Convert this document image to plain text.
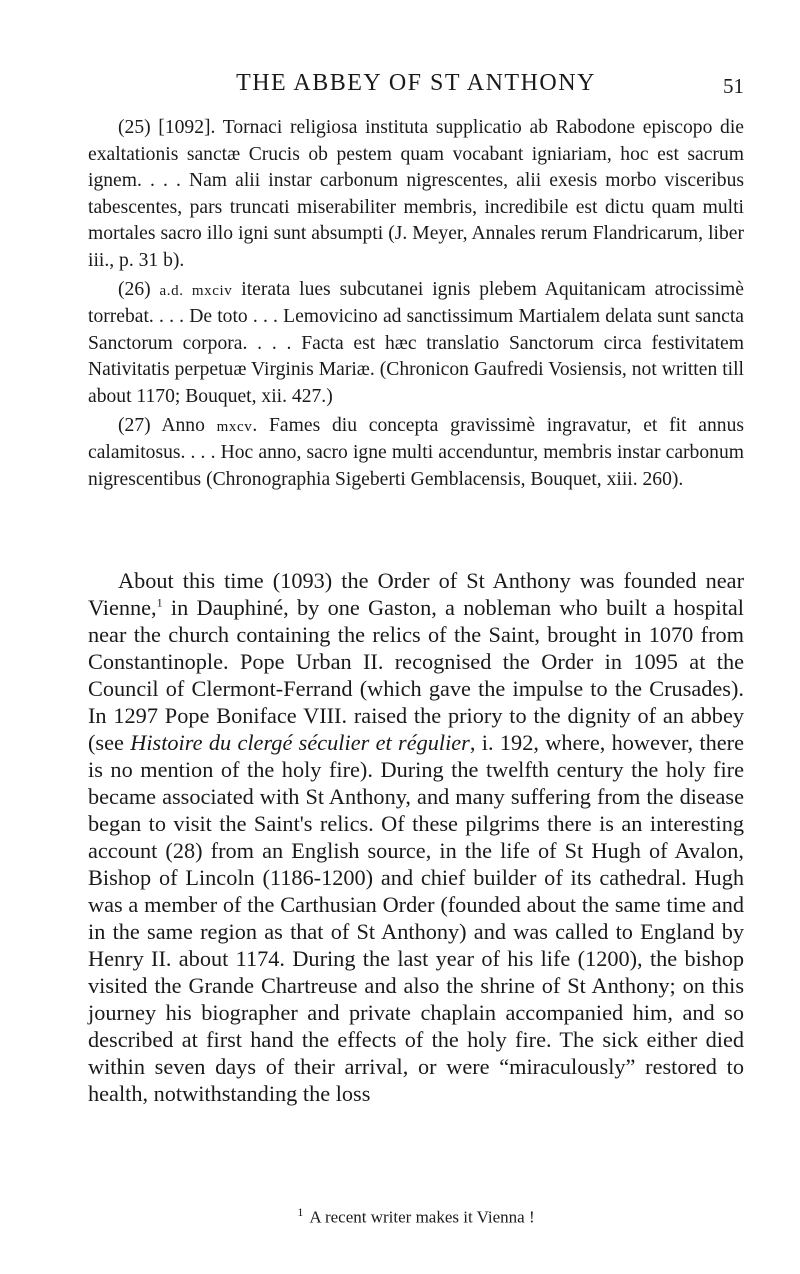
THE ABBEY OF ST ANTHONY	51

(25) [1092]. Tornaci religiosa instituta supplicatio ab Rabodone episcopo die exaltationis sanctæ Crucis ob pestem quam vocabant igniariam, hoc est sacrum ignem. . . . Nam alii instar carbonum nigrescentes, alii exesis morbo visceribus tabescentes, pars truncati miserabiliter membris, incredibile est dictu quam multi mortales sacro illo igni sunt absumpti (J. Meyer, Annales rerum Flandricarum, liber iii., p. 31 b).

(26) a.d. mxciv iterata lues subcutanei ignis plebem Aquitanicam atrocissimè torrebat. . . . De toto . . . Lemovicino ad sanctissimum Martialem delata sunt sancta Sanctorum corpora. . . . Facta est hæc translatio Sanctorum circa festivitatem Nativitatis perpetuæ Virginis Mariæ. (Chronicon Gaufredi Vosiensis, not written till about 1170; Bouquet, xii. 427.)

(27) Anno mxcv. Fames diu concepta gravissimè ingravatur, et fit annus calamitosus. . . . Hoc anno, sacro igne multi accenduntur, membris instar carbonum nigrescentibus (Chronographia Sigeberti Gemblacensis, Bouquet, xiii. 260).

About this time (1093) the Order of St Anthony was founded near Vienne,$^1$ in Dauphiné, by one Gaston, a nobleman who built a hospital near the church containing the relics of the Saint, brought in 1070 from Constantinople. Pope Urban II. recognised the Order in 1095 at the Council of Clermont-Ferrand (which gave the impulse to the Crusades). In 1297 Pope Boniface VIII. raised the priory to the dignity of an abbey (see Histoire du clergé séculier et régulier, i. 192, where, however, there is no mention of the holy fire). During the twelfth century the holy fire became associated with St Anthony, and many suffering from the disease began to visit the Saint's relics. Of these pilgrims there is an interesting account (28) from an English source, in the life of St Hugh of Avalon, Bishop of Lincoln (1186-1200) and chief builder of its cathedral. Hugh was a member of the Carthusian Order (founded about the same time and in the same region as that of St Anthony) and was called to England by Henry II. about 1174. During the last year of his life (1200), the bishop visited the Grande Chartreuse and also the shrine of St Anthony; on this journey his biographer and private chaplain accompanied him, and so described at first hand the effects of the holy fire. The sick either died within seven days of their arrival, or were “miraculously” restored to health, notwithstanding the loss

$^1$ A recent writer makes it Vienna !
